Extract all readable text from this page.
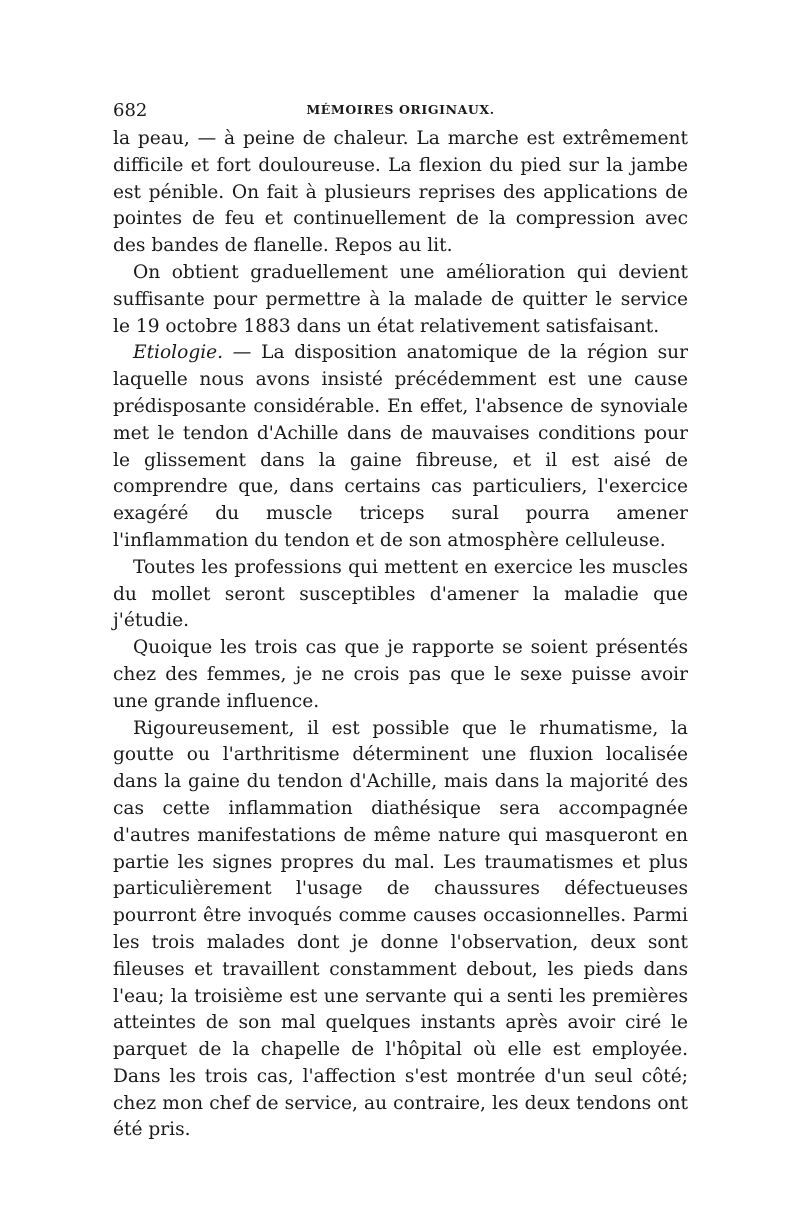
682	MÉMOIRES ORIGINAUX.

la peau, — à peine de chaleur. La marche est extrêmement difficile et fort douloureuse. La flexion du pied sur la jambe est pénible. On fait à plusieurs reprises des applications de pointes de feu et continuellement de la compression avec des bandes de flanelle. Repos au lit.

On obtient graduellement une amélioration qui devient suffisante pour permettre à la malade de quitter le service le 19 octobre 1883 dans un état relativement satisfaisant.

Etiologie. — La disposition anatomique de la région sur laquelle nous avons insisté précédemment est une cause prédisposante considérable. En effet, l'absence de synoviale met le tendon d'Achille dans de mauvaises conditions pour le glissement dans la gaine fibreuse, et il est aisé de comprendre que, dans certains cas particuliers, l'exercice exagéré du muscle triceps sural pourra amener l'inflammation du tendon et de son atmosphère celluleuse.

Toutes les professions qui mettent en exercice les muscles du mollet seront susceptibles d'amener la maladie que j'étudie.

Quoique les trois cas que je rapporte se soient présentés chez des femmes, je ne crois pas que le sexe puisse avoir une grande influence.

Rigoureusement, il est possible que le rhumatisme, la goutte ou l'arthritisme déterminent une fluxion localisée dans la gaine du tendon d'Achille, mais dans la majorité des cas cette inflammation diathésique sera accompagnée d'autres manifestations de même nature qui masqueront en partie les signes propres du mal. Les traumatismes et plus particulièrement l'usage de chaussures défectueuses pourront être invoqués comme causes occasionnelles. Parmi les trois malades dont je donne l'observation, deux sont fileuses et travaillent constamment debout, les pieds dans l'eau; la troisième est une servante qui a senti les premières atteintes de son mal quelques instants après avoir ciré le parquet de la chapelle de l'hôpital où elle est employée. Dans les trois cas, l'affection s'est montrée d'un seul côté; chez mon chef de service, au contraire, les deux tendons ont été pris.
